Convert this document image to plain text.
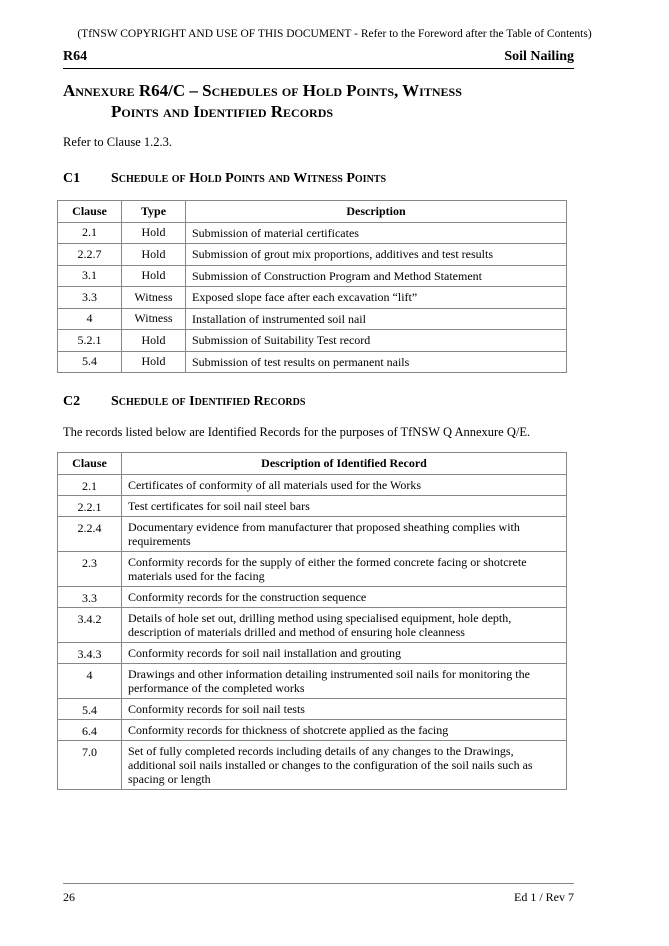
(TfNSW COPYRIGHT AND USE OF THIS DOCUMENT - Refer to the Foreword after the Table of Contents)
R64	Soil Nailing
Annexure R64/C – Schedules of Hold Points, Witness
Points and Identified Records
Refer to Clause 1.2.3.
C1 Schedule of Hold Points and Witness Points
Clause	Type	Description
2.1	Hold	Submission of material certificates
2.2.7	Hold	Submission of grout mix proportions, additives and test results
3.1	Hold	Submission of Construction Program and Method Statement
3.3	Witness	Exposed slope face after each excavation “lift”
4	Witness	Installation of instrumented soil nail
5.2.1	Hold	Submission of Suitability Test record
5.4	Hold	Submission of test results on permanent nails
C2 Schedule of Identified Records
The records listed below are Identified Records for the purposes of TfNSW Q Annexure Q/E.
Clause	Description of Identified Record
2.1	Certificates of conformity of all materials used for the Works
2.2.1	Test certificates for soil nail steel bars
2.2.4	Documentary evidence from manufacturer that proposed sheathing complies with requirements
2.3	Conformity records for the supply of either the formed concrete facing or shotcrete materials used for the facing
3.3	Conformity records for the construction sequence
3.4.2	Details of hole set out, drilling method using specialised equipment, hole depth, description of materials drilled and method of ensuring hole cleanness
3.4.3	Conformity records for soil nail installation and grouting
4	Drawings and other information detailing instrumented soil nails for monitoring the performance of the completed works
5.4	Conformity records for soil nail tests
6.4	Conformity records for thickness of shotcrete applied as the facing
7.0	Set of fully completed records including details of any changes to the Drawings, additional soil nails installed or changes to the configuration of the soil nails such as spacing or length
26	Ed 1 / Rev 7
